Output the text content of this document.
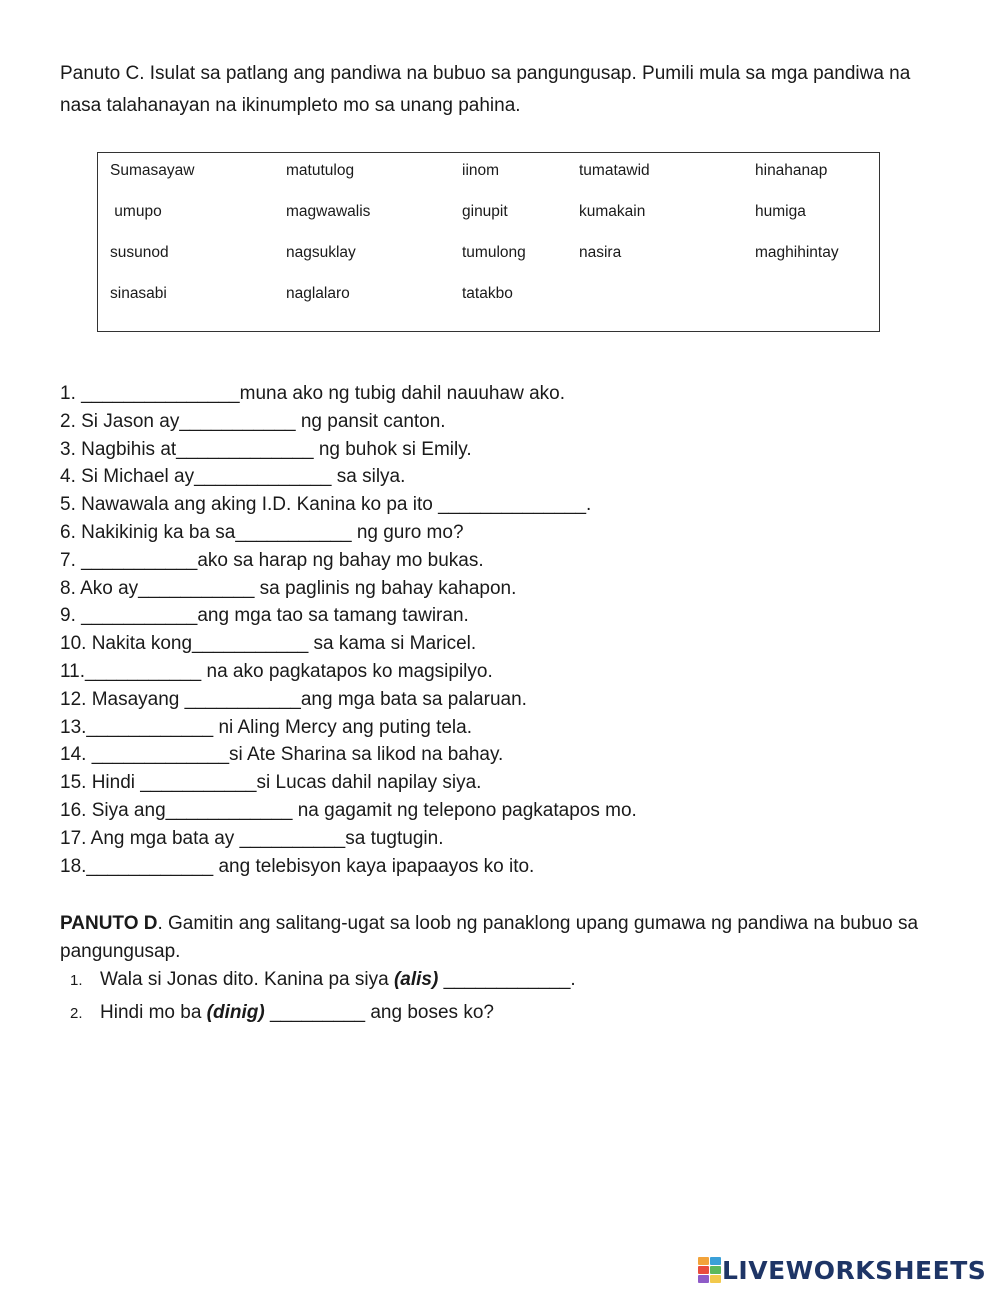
Panuto C. Isulat sa patlang ang pandiwa na bubuo sa pangungusap. Pumili mula sa mga pandiwa na nasa talahanayan na ikinumpleto mo sa unang pahina.

Sumasayaw	matutulog	iinom	tumatawid	hinahanap
umupo	magwawalis	ginupit	kumakain	humiga
susunod	nagsuklay	tumulong	nasira	maghihintay
sinasabi	naglalaro	tatakbo

1. _______________muna ako ng tubig dahil nauuhaw ako.

2. Si Jason ay___________ ng pansit canton.

3. Nagbihis at_____________ ng buhok si Emily.

4. Si Michael ay_____________ sa silya.

5. Nawawala ang aking I.D. Kanina ko pa ito ______________.

6. Nakikinig ka ba sa___________ ng guro mo?

7. ___________ako sa harap ng bahay mo bukas.

8. Ako ay___________ sa paglinis ng bahay kahapon.

9. ___________ang mga tao sa tamang tawiran.

10. Nakita kong___________ sa kama si Maricel.

11.___________ na ako pagkatapos ko magsipilyo.

12. Masayang ___________ang mga bata sa palaruan.

13.____________ ni Aling Mercy ang puting tela.

14. _____________si Ate Sharina sa likod na bahay.

15. Hindi ___________si Lucas dahil napilay siya.

16. Siya ang____________ na gagamit ng telepono pagkatapos mo.

17. Ang mga bata ay __________sa tugtugin.

18.____________ ang telebisyon kaya ipapaayos ko ito.

PANUTO D. Gamitin ang salitang-ugat sa loob ng panaklong upang gumawa ng pandiwa na bubuo sa pangungusap.

1. Wala si Jonas dito. Kanina pa siya (alis) ____________.
2. Hindi mo ba (dinig) _________ ang boses ko?
LIVEWORKSHEETS
